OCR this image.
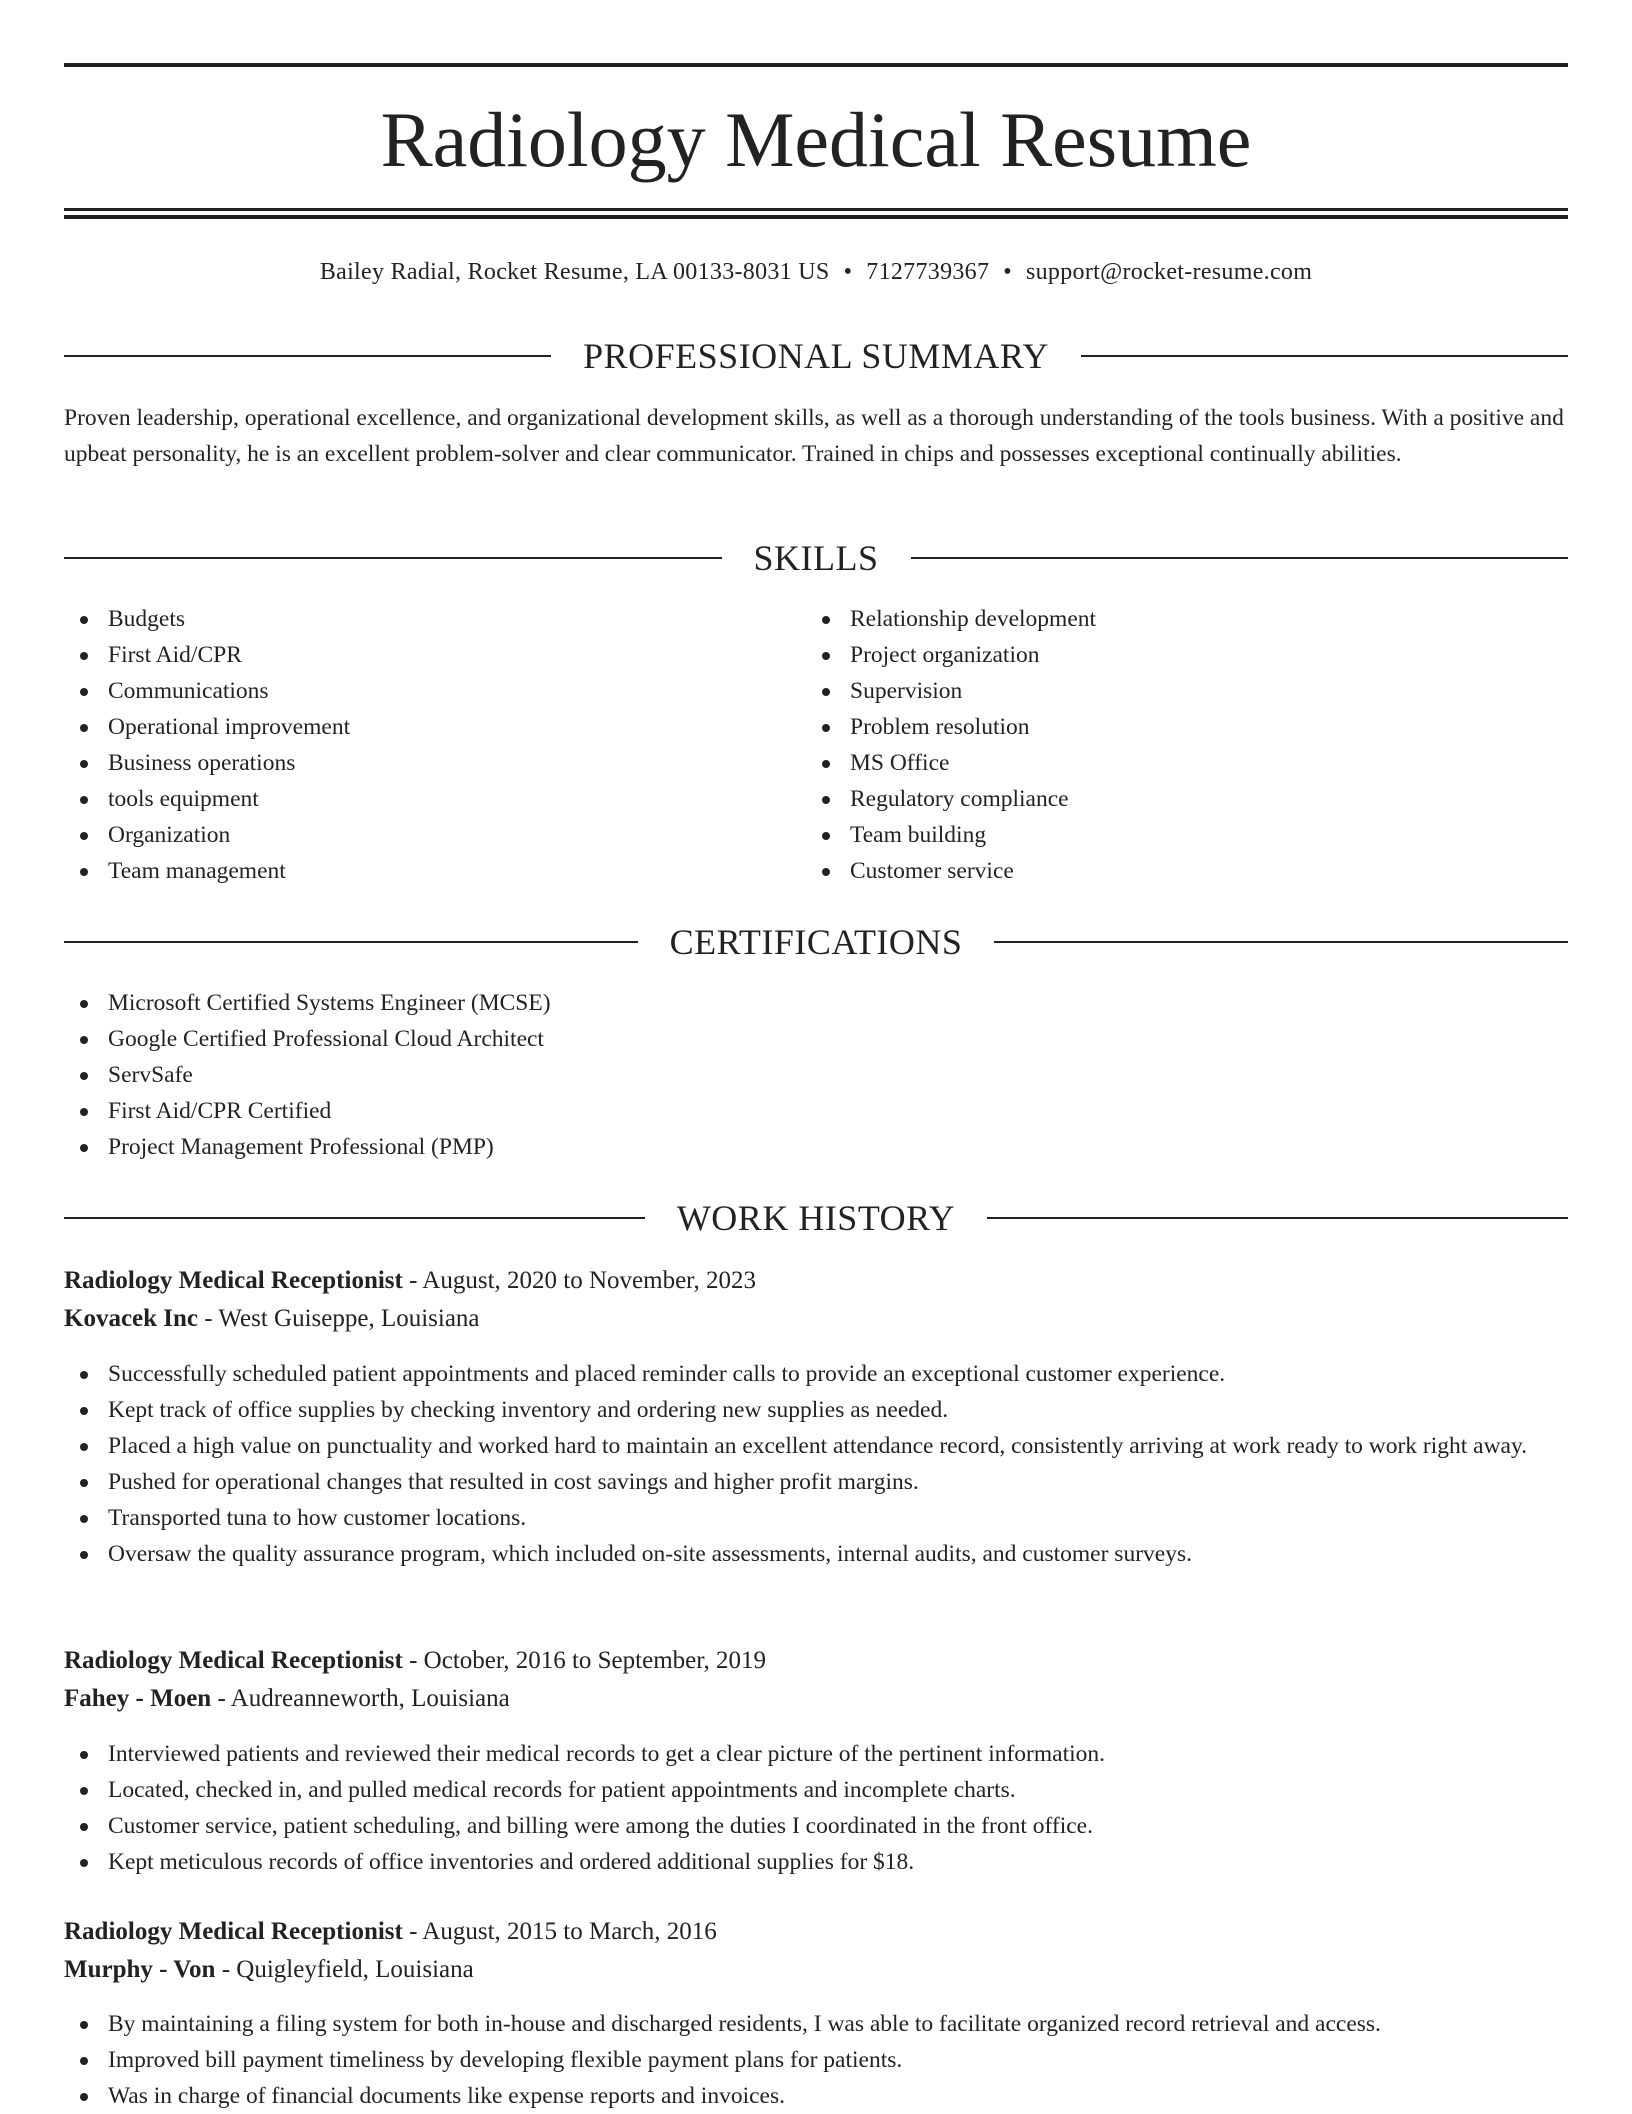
Radiology Medical Resume
Bailey Radial, Rocket Resume, LA 00133-8031 US • 7127739367 • support@rocket-resume.com
PROFESSIONAL SUMMARY

Proven leadership, operational excellence, and organizational development skills, as well as a thorough understanding of the tools business. With a positive and upbeat personality, he is an excellent problem-solver and clear communicator. Trained in chips and possesses exceptional continually abilities.

SKILLS
Budgets
First Aid/CPR
Communications
Operational improvement
Business operations
tools equipment
Organization
Team management
Relationship development
Project organization
Supervision
Problem resolution
MS Office
Regulatory compliance
Team building
Customer service
CERTIFICATIONS
Microsoft Certified Systems Engineer (MCSE)
Google Certified Professional Cloud Architect
ServSafe
First Aid/CPR Certified
Project Management Professional (PMP)
WORK HISTORY
Radiology Medical Receptionist - August, 2020 to November, 2023
Kovacek Inc - West Guiseppe, Louisiana
Successfully scheduled patient appointments and placed reminder calls to provide an exceptional customer experience.
Kept track of office supplies by checking inventory and ordering new supplies as needed.
Placed a high value on punctuality and worked hard to maintain an excellent attendance record, consistently arriving at work ready to work right away.
Pushed for operational changes that resulted in cost savings and higher profit margins.
Transported tuna to how customer locations.
Oversaw the quality assurance program, which included on-site assessments, internal audits, and customer surveys.
Radiology Medical Receptionist - October, 2016 to September, 2019
Fahey - Moen - Audreanneworth, Louisiana
Interviewed patients and reviewed their medical records to get a clear picture of the pertinent information.
Located, checked in, and pulled medical records for patient appointments and incomplete charts.
Customer service, patient scheduling, and billing were among the duties I coordinated in the front office.
Kept meticulous records of office inventories and ordered additional supplies for $18.
Radiology Medical Receptionist - August, 2015 to March, 2016
Murphy - Von - Quigleyfield, Louisiana
By maintaining a filing system for both in-house and discharged residents, I was able to facilitate organized record retrieval and access.
Improved bill payment timeliness by developing flexible payment plans for patients.
Was in charge of financial documents like expense reports and invoices.
